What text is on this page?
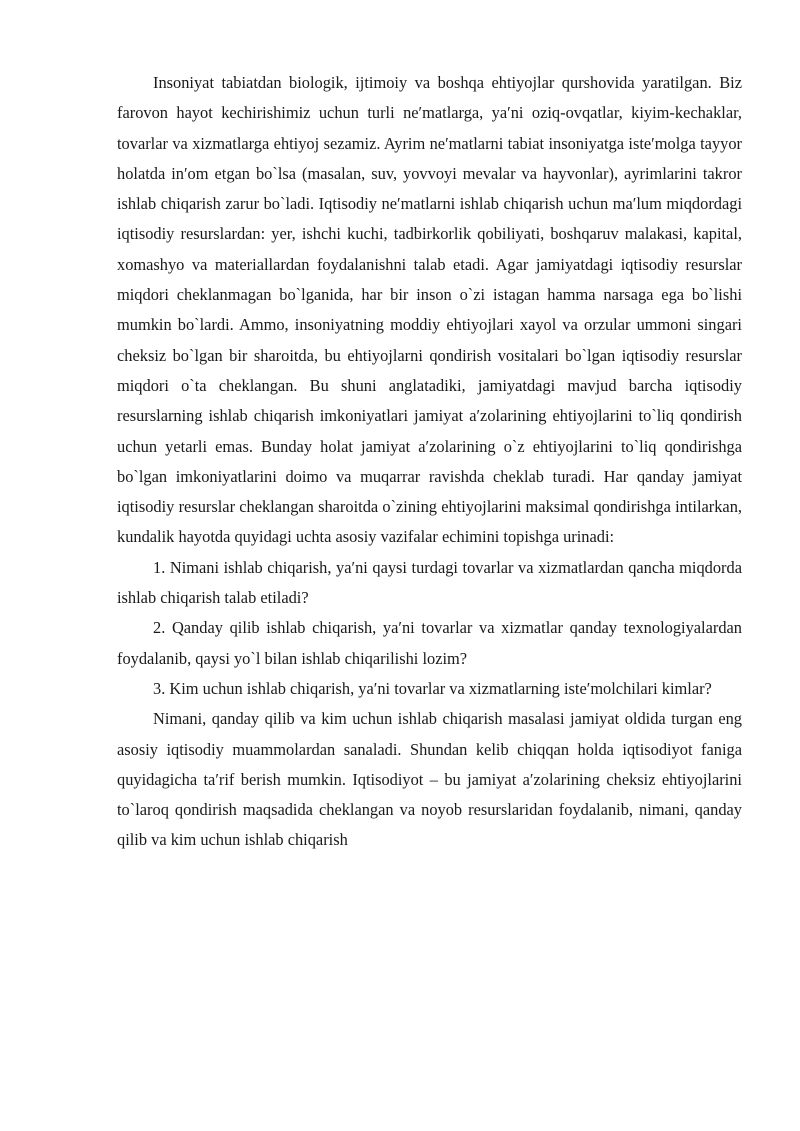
Insoniyat tabiatdan biologik, ijtimoiy va boshqa ehtiyojlar qurshovida yaratilgan. Biz farovon hayot kechirishimiz uchun turli ne′matlarga, ya′ni oziq-ovqatlar, kiyim-kechaklar, tovarlar va xizmatlarga ehtiyoj sezamiz. Ayrim ne′matlarni tabiat insoniyatga iste′molga tayyor holatda in′om etgan bo`lsa (masalan, suv, yovvoyi mevalar va hayvonlar), ayrimlarini takror ishlab chiqarish zarur bo`ladi. Iqtisodiy ne′matlarni ishlab chiqarish uchun ma′lum miqdordagi iqtisodiy resurslardan: yer, ishchi kuchi, tadbirkorlik qobiliyati, boshqaruv malakasi, kapital, xomashyo va materiallardan foydalanishni talab etadi. Agar jamiyatdagi iqtisodiy resurslar miqdori cheklanmagan bo`lganida, har bir inson o`zi istagan hamma narsaga ega bo`lishi mumkin bo`lardi. Ammo, insoniyatning moddiy ehtiyojlari xayol va orzular ummoni singari cheksiz bo`lgan bir sharoitda, bu ehtiyojlarni qondirish vositalari bo`lgan iqtisodiy resurslar miqdori o`ta cheklangan. Bu shuni anglatadiki, jamiyatdagi mavjud barcha iqtisodiy resurslarning ishlab chiqarish imkoniyatlari jamiyat a′zolarining ehtiyojlarini to`liq qondirish uchun yetarli emas. Bunday holat jamiyat a′zolarining o`z ehtiyojlarini to`liq qondirishga bo`lgan imkoniyatlarini doimo va muqarrar ravishda cheklab turadi. Har qanday jamiyat iqtisodiy resurslar cheklangan sharoitda o`zining ehtiyojlarini maksimal qondirishga intilarkan, kundalik hayotda quyidagi uchta asosiy vazifalar echimini topishga urinadi:

1. Nimani ishlab chiqarish, ya′ni qaysi turdagi tovarlar va xizmatlardan qancha miqdorda ishlab chiqarish talab etiladi?

2. Qanday qilib ishlab chiqarish, ya′ni tovarlar va xizmatlar qanday texnologiyalardan foydalanib, qaysi yo`l bilan ishlab chiqarilishi lozim?

3. Kim uchun ishlab chiqarish, ya′ni tovarlar va xizmatlarning iste′molchilari kimlar?

Nimani, qanday qilib va kim uchun ishlab chiqarish masalasi jamiyat oldida turgan eng asosiy iqtisodiy muammolardan sanaladi. Shundan kelib chiqqan holda iqtisodiyot faniga quyidagicha ta′rif berish mumkin. Iqtisodiyot – bu jamiyat a′zolarining cheksiz ehtiyojlarini to`laroq qondirish maqsadida cheklangan va noyob resurslaridan foydalanib, nimani, qanday qilib va kim uchun ishlab chiqarish
